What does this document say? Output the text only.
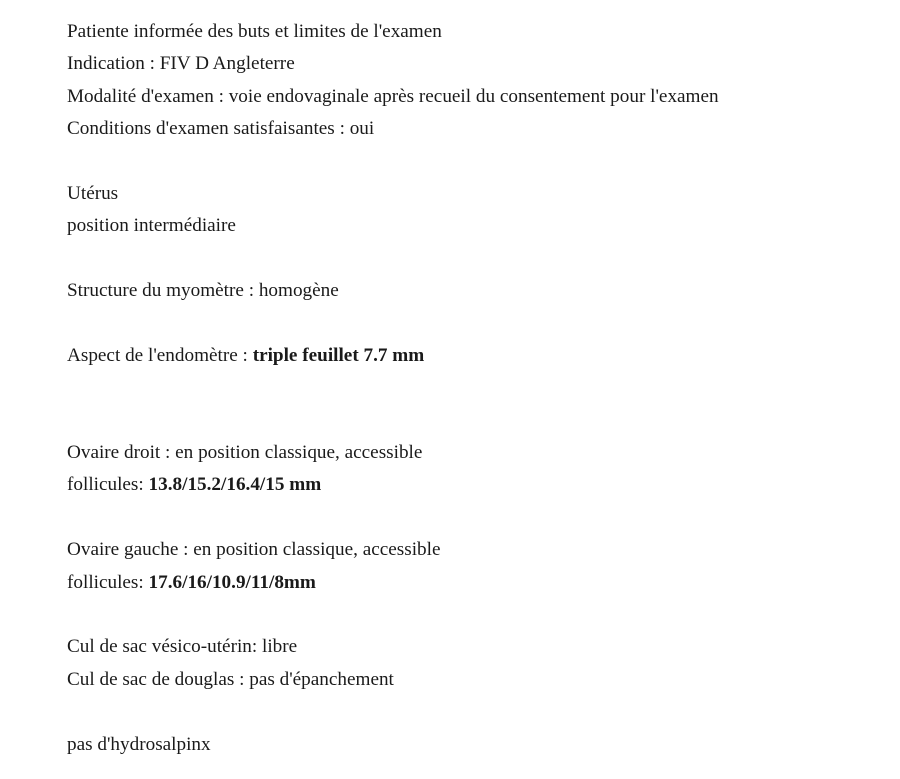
Patiente informée des buts et limites de l'examen
Indication : FIV D Angleterre
Modalité d'examen : voie endovaginale après recueil du consentement pour l'examen
Conditions d'examen satisfaisantes : oui
Utérus
position intermédiaire
Structure du myomètre : homogène
Aspect de l'endomètre : triple feuillet 7.7 mm
Ovaire droit : en position classique, accessible
follicules: 13.8/15.2/16.4/15 mm
Ovaire gauche : en position classique, accessible
follicules: 17.6/16/10.9/11/8mm
Cul de sac vésico-utérin: libre
Cul de sac de douglas : pas d'épanchement
pas d'hydrosalpinx
